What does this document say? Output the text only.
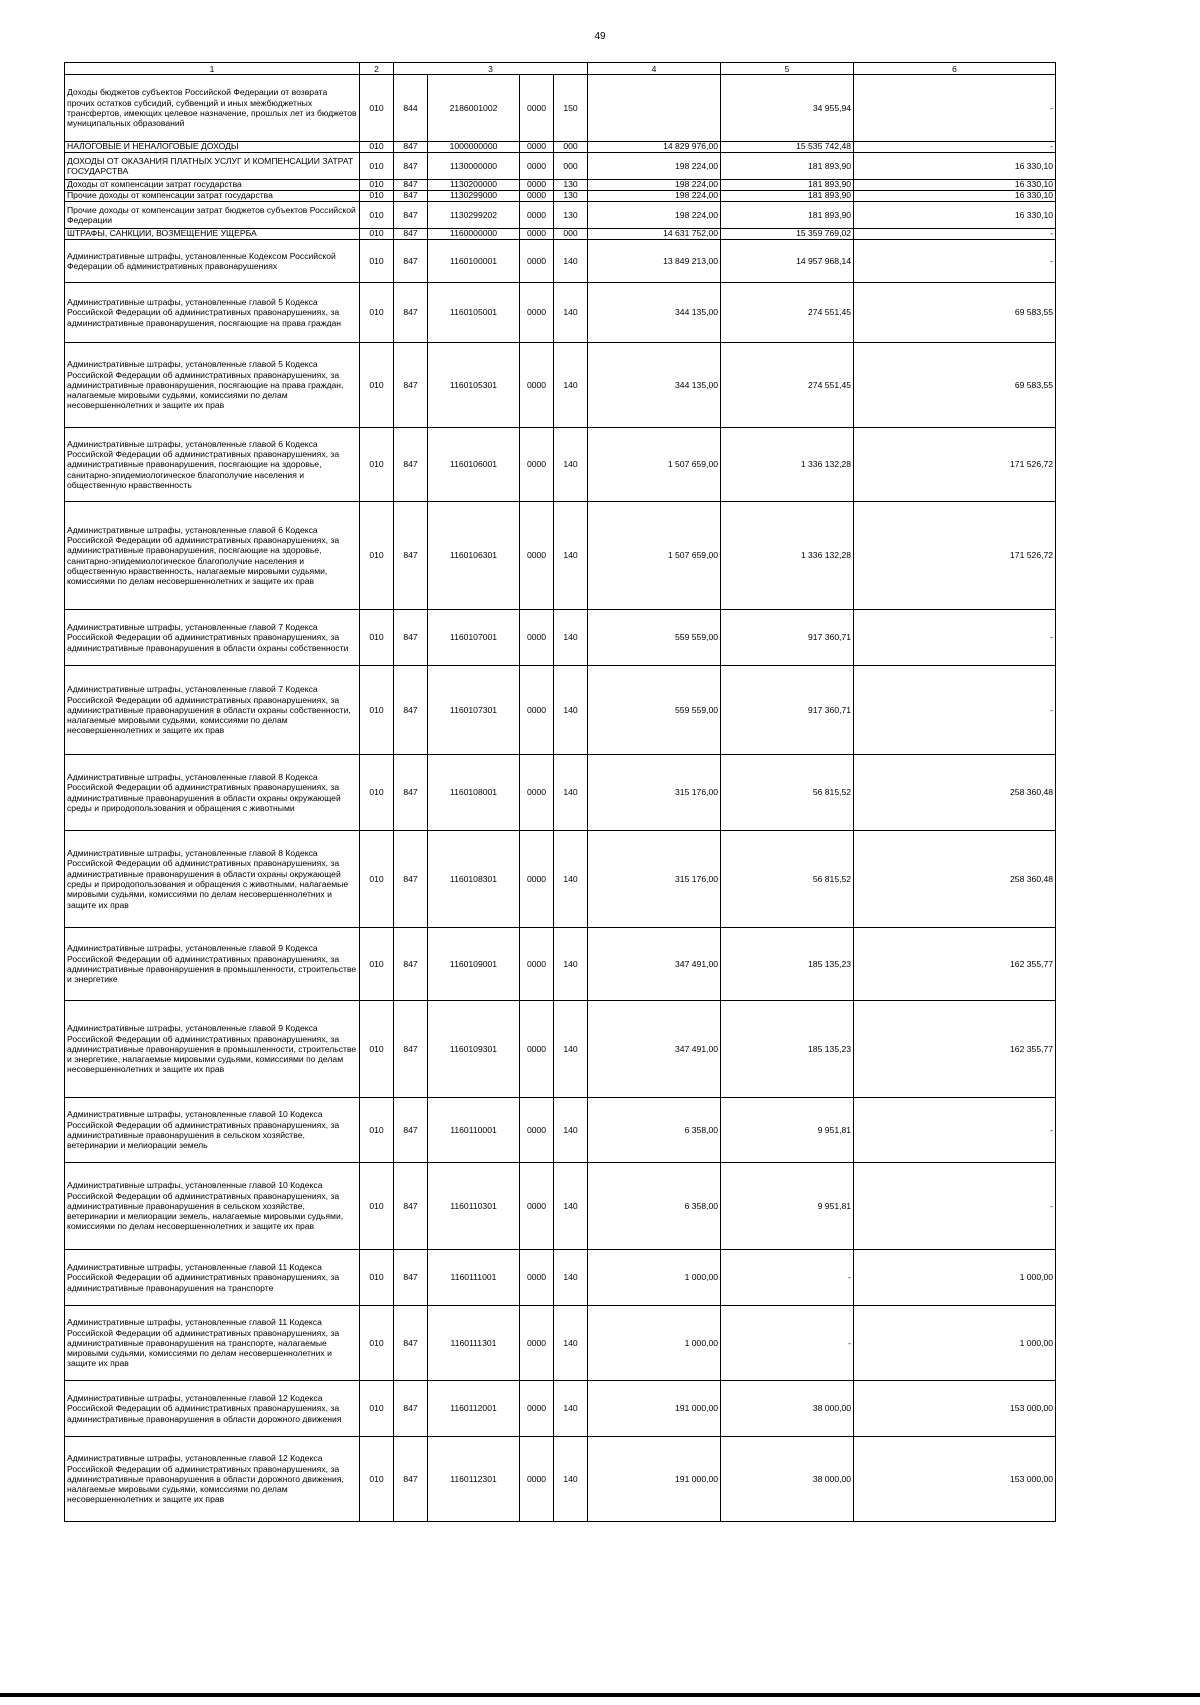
49
1	2	3				4	5	6
Доходы бюджетов субъектов Российской Федерации от возврата прочих остатков субсидий, субвенций и иных межбюджетных трансфертов, имеющих целевое назначение, прошлых лет из бюджетов муниципальных образований	010	844	2186001002	0000	150		34 955,94	-
НАЛОГОВЫЕ И НЕНАЛОГОВЫЕ ДОХОДЫ	010	847	1000000000	0000	000	14 829 976,00	15 535 742,48	-
ДОХОДЫ ОТ ОКАЗАНИЯ ПЛАТНЫХ УСЛУГ И КОМПЕНСАЦИИ ЗАТРАТ ГОСУДАРСТВА	010	847	1130000000	0000	000	198 224,00	181 893,90	16 330,10
Доходы от компенсации затрат государства	010	847	1130200000	0000	130	198 224,00	181 893,90	16 330,10
Прочие доходы от компенсации затрат государства	010	847	1130299000	0000	130	198 224,00	181 893,90	16 330,10
Прочие доходы от компенсации затрат бюджетов субъектов Российской Федерации	010	847	1130299202	0000	130	198 224,00	181 893,90	16 330,10
ШТРАФЫ, САНКЦИИ, ВОЗМЕЩЕНИЕ УЩЕРБА	010	847	1160000000	0000	000	14 631 752,00	15 359 769,02	-
Административные штрафы, установленные Кодексом Российской Федерации об административных правонарушениях	010	847	1160100001	0000	140	13 849 213,00	14 957 968,14	-
Административные штрафы, установленные главой 5 Кодекса Российской Федерации об административных правонарушениях, за административные правонарушения, посягающие на права граждан	010	847	1160105001	0000	140	344 135,00	274 551,45	69 583,55
Административные штрафы, установленные главой 5 Кодекса Российской Федерации об административных правонарушениях, за административные правонарушения, посягающие на права граждан, налагаемые мировыми судьями, комиссиями по делам несовершеннолетних и защите их прав	010	847	1160105301	0000	140	344 135,00	274 551,45	69 583,55
Административные штрафы, установленные главой 6 Кодекса Российской Федерации об административных правонарушениях, за административные правонарушения, посягающие на здоровье, санитарно-эпидемиологическое благополучие населения и общественную нравственность	010	847	1160106001	0000	140	1 507 659,00	1 336 132,28	171 526,72
Административные штрафы, установленные главой 6 Кодекса Российской Федерации об административных правонарушениях, за административные правонарушения, посягающие на здоровье, санитарно-эпидемиологическое благополучие населения и общественную нравственность, налагаемые мировыми судьями, комиссиями по делам несовершеннолетних и защите их прав	010	847	1160106301	0000	140	1 507 659,00	1 336 132,28	171 526,72
Административные штрафы, установленные главой 7 Кодекса Российской Федерации об административных правонарушениях, за административные правонарушения в области охраны собственности	010	847	1160107001	0000	140	559 559,00	917 360,71	-
Административные штрафы, установленные главой 7 Кодекса Российской Федерации об административных правонарушениях, за административные правонарушения в области охраны собственности, налагаемые мировыми судьями, комиссиями по делам несовершеннолетних и защите их прав	010	847	1160107301	0000	140	559 559,00	917 360,71	-
Административные штрафы, установленные главой 8 Кодекса Российской Федерации об административных правонарушениях, за административные правонарушения в области охраны окружающей среды и природопользования и обращения с животными	010	847	1160108001	0000	140	315 176,00	56 815,52	258 360,48
Административные штрафы, установленные главой 8 Кодекса Российской Федерации об административных правонарушениях, за административные правонарушения в области охраны окружающей среды и природопользования и обращения с животными, налагаемые мировыми судьями, комиссиями по делам несовершеннолетних и защите их прав	010	847	1160108301	0000	140	315 176,00	56 815,52	258 360,48
Административные штрафы, установленные главой 9 Кодекса Российской Федерации об административных правонарушениях, за административные правонарушения в промышленности, строительстве и энергетике	010	847	1160109001	0000	140	347 491,00	185 135,23	162 355,77
Административные штрафы, установленные главой 9 Кодекса Российской Федерации об административных правонарушениях, за административные правонарушения в промышленности, строительстве и энергетике, налагаемые мировыми судьями, комиссиями по делам несовершеннолетних и защите их прав	010	847	1160109301	0000	140	347 491,00	185 135,23	162 355,77
Административные штрафы, установленные главой 10 Кодекса Российской Федерации об административных правонарушениях, за административные правонарушения в сельском хозяйстве, ветеринарии и мелиорации земель	010	847	1160110001	0000	140	6 358,00	9 951,81	-
Административные штрафы, установленные главой 10 Кодекса Российской Федерации об административных правонарушениях, за административные правонарушения в сельском хозяйстве, ветеринарии и мелиорации земель, налагаемые мировыми судьями, комиссиями по делам несовершеннолетних и защите их прав	010	847	1160110301	0000	140	6 358,00	9 951,81	-
Административные штрафы, установленные главой 11 Кодекса Российской Федерации об административных правонарушениях, за административные правонарушения на транспорте	010	847	1160111001	0000	140	1 000,00	-	1 000,00
Административные штрафы, установленные главой 11 Кодекса Российской Федерации об административных правонарушениях, за административные правонарушения на транспорте, налагаемые мировыми судьями, комиссиями по делам несовершеннолетних и защите их прав	010	847	1160111301	0000	140	1 000,00	-	1 000,00
Административные штрафы, установленные главой 12 Кодекса Российской Федерации об административных правонарушениях, за административные правонарушения в области дорожного движения	010	847	1160112001	0000	140	191 000,00	38 000,00	153 000,00
Административные штрафы, установленные главой 12 Кодекса Российской Федерации об административных правонарушениях, за административные правонарушения в области дорожного движения, налагаемые мировыми судьями, комиссиями по делам несовершеннолетних и защите их прав	010	847	1160112301	0000	140	191 000,00	38 000,00	153 000,00
